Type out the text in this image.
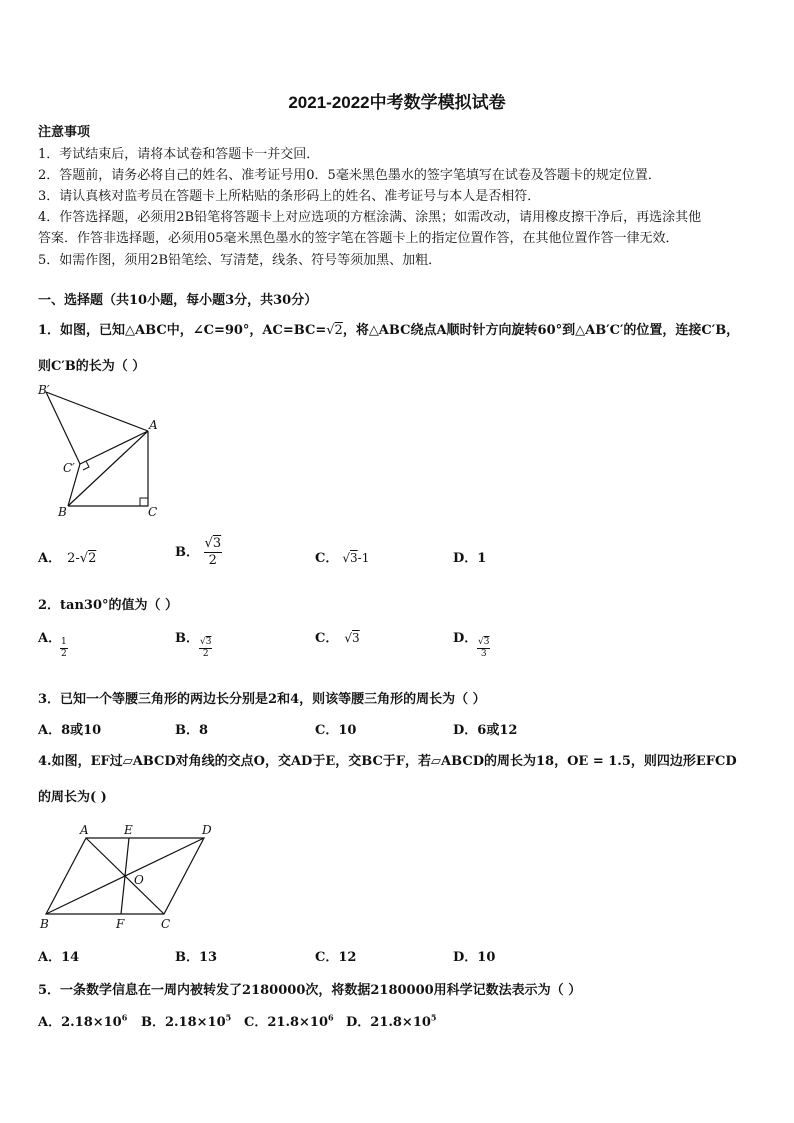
2021-2022中考数学模拟试卷
注意事项
1．考试结束后，请将本试卷和答题卡一并交回．
2．答题前，请务必将自己的姓名、准考证号用0．5毫米黑色墨水的签字笔填写在试卷及答题卡的规定位置．
3．请认真核对监考员在答题卡上所粘贴的条形码上的姓名、准考证号与本人是否相符．
4．作答选择题，必须用2B铅笔将答题卡上对应选项的方框涂满、涂黑；如需改动，请用橡皮擦干净后，再选涂其他
答案．作答非选择题，必须用05毫米黑色墨水的签字笔在答题卡上的指定位置作答，在其他位置作答一律无效．
5．如需作图，须用2B铅笔绘、写清楚，线条、符号等须加黑、加粗．
一、选择题（共10小题，每小题3分，共30分）
1．如图，已知△ABC中，∠C=90°，AC=BC=√2，将△ABC绕点A顺时针方向旋转60°到△AB′C′的位置，连接C′B，
则C′B的长为（ ）
B′
A
C′
B	C
A． 2-√2	B． $\frac{√3}{2}$	C． √3-1	D．1
2．tan30°的值为（ ）
A．
$\frac{1}{2}$	B． $\frac{√3}{2}$	C． √3	D． $\frac{√3}{3}$
3．已知一个等腰三角形的两边长分别是2和4，则该等腰三角形的周长为（ ）
A．8或10	B．8	C．10	D．6或12
4.如图，EF过▱ABCD对角线的交点O，交AD于E，交BC于F，若▱ABCD的周长为18，OE = 1.5，则四边形EFCD
的周长为( )
A	E	D
O
B	F	C
A．14	B．13	C．12	D．10
5．一条数学信息在一周内被转发了2180000次，将数据2180000用科学记数法表示为（ ）
A．$2.18\times 10^6$ B．$2.18\times 10^5$ C．$21.8\times 10^6$ D．$21.8\times 10^5$
